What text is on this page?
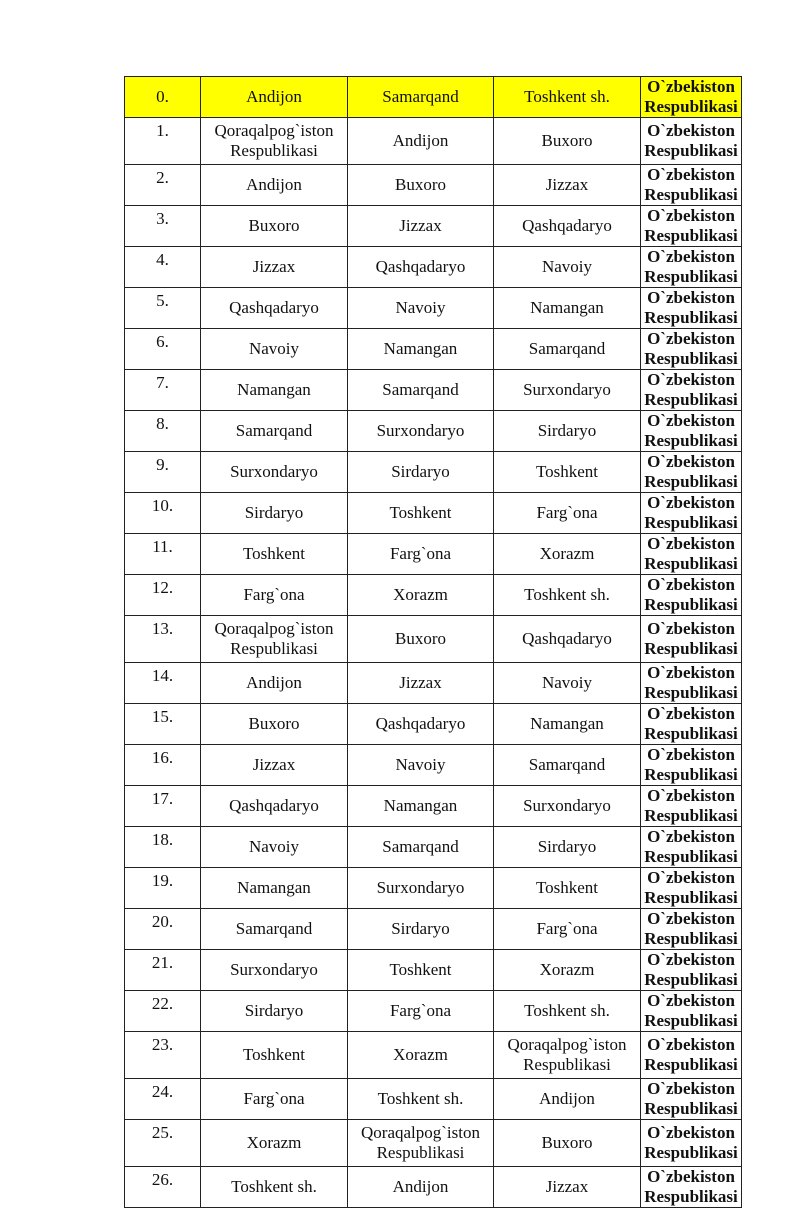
0.	Andijon	Samarqand	Toshkent sh.	O`zbekiston Respublikasi
1.	Qoraqalpog`iston Respublikasi	Andijon	Buxoro	O`zbekiston Respublikasi
2.	Andijon	Buxoro	Jizzax	O`zbekiston Respublikasi
3.	Buxoro	Jizzax	Qashqadaryo	O`zbekiston Respublikasi
4.	Jizzax	Qashqadaryo	Navoiy	O`zbekiston Respublikasi
5.	Qashqadaryo	Navoiy	Namangan	O`zbekiston Respublikasi
6.	Navoiy	Namangan	Samarqand	O`zbekiston Respublikasi
7.	Namangan	Samarqand	Surxondaryo	O`zbekiston Respublikasi
8.	Samarqand	Surxondaryo	Sirdaryo	O`zbekiston Respublikasi
9.	Surxondaryo	Sirdaryo	Toshkent	O`zbekiston Respublikasi
10.	Sirdaryo	Toshkent	Farg`ona	O`zbekiston Respublikasi
11.	Toshkent	Farg`ona	Xorazm	O`zbekiston Respublikasi
12.	Farg`ona	Xorazm	Toshkent sh.	O`zbekiston Respublikasi
13.	Qoraqalpog`iston Respublikasi	Buxoro	Qashqadaryo	O`zbekiston Respublikasi
14.	Andijon	Jizzax	Navoiy	O`zbekiston Respublikasi
15.	Buxoro	Qashqadaryo	Namangan	O`zbekiston Respublikasi
16.	Jizzax	Navoiy	Samarqand	O`zbekiston Respublikasi
17.	Qashqadaryo	Namangan	Surxondaryo	O`zbekiston Respublikasi
18.	Navoiy	Samarqand	Sirdaryo	O`zbekiston Respublikasi
19.	Namangan	Surxondaryo	Toshkent	O`zbekiston Respublikasi
20.	Samarqand	Sirdaryo	Farg`ona	O`zbekiston Respublikasi
21.	Surxondaryo	Toshkent	Xorazm	O`zbekiston Respublikasi
22.	Sirdaryo	Farg`ona	Toshkent sh.	O`zbekiston Respublikasi
23.	Toshkent	Xorazm	Qoraqalpog`iston Respublikasi	O`zbekiston Respublikasi
24.	Farg`ona	Toshkent sh.	Andijon	O`zbekiston Respublikasi
25.	Xorazm	Qoraqalpog`iston Respublikasi	Buxoro	O`zbekiston Respublikasi
26.	Toshkent sh.	Andijon	Jizzax	O`zbekiston Respublikasi
